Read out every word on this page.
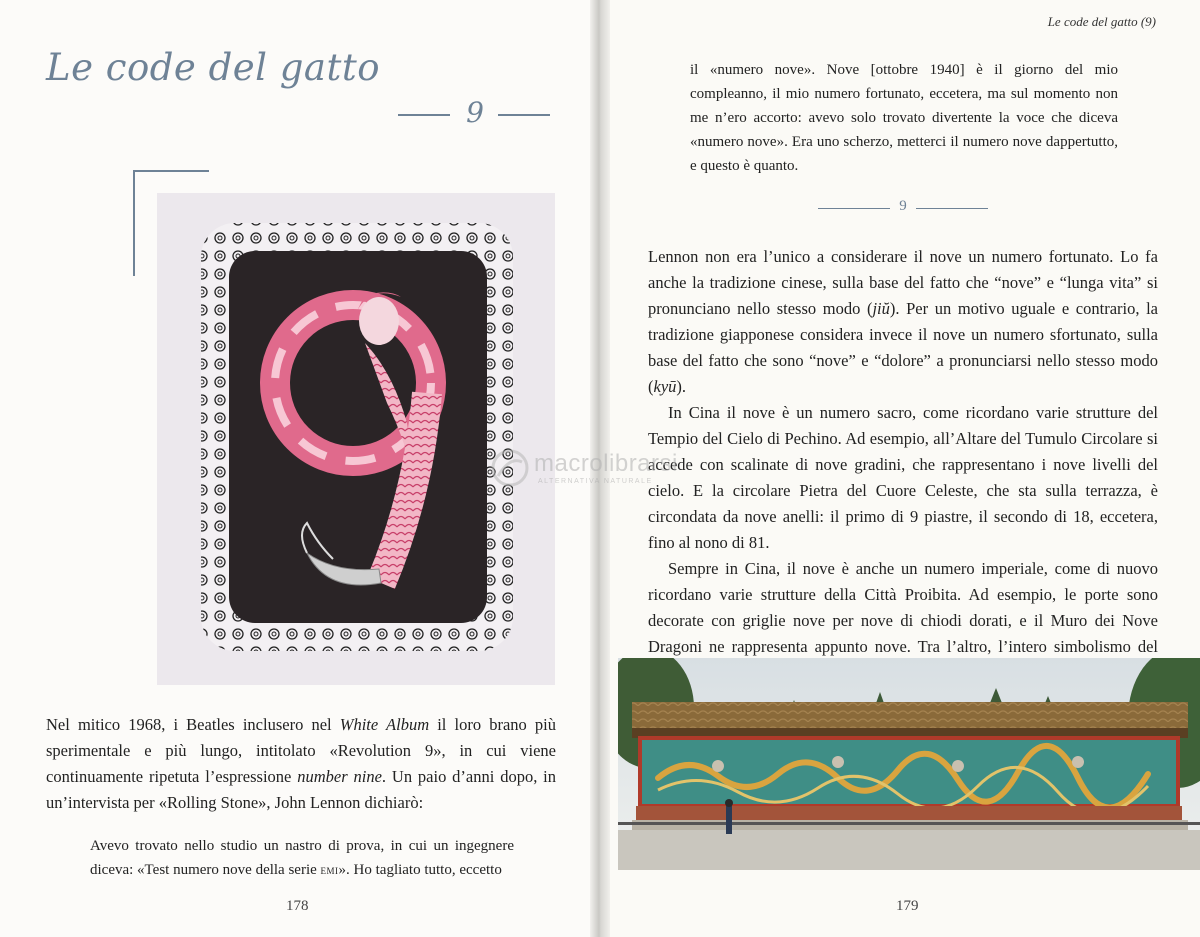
Le code del gatto
9

Nel mitico 1968, i Beatles inclusero nel White Album il loro brano più sperimentale e più lungo, intitolato «Revolution 9», in cui viene continuamente ripetuta l’espressione number nine. Un paio d’anni dopo, in un’intervista per «Rolling Stone», John Lennon dichiarò:

Avevo trovato nello studio un nastro di prova, in cui un ingegnere diceva: «Test numero nove della serie emi». Ho tagliato tutto, eccetto

178
Le code del gatto (9)

il «numero nove». Nove [ottobre 1940] è il giorno del mio compleanno, il mio numero fortunato, eccetera, ma sul momento non me n’ero accorto: avevo solo trovato divertente la voce che diceva «numero nove». Era uno scherzo, metterci il numero nove dappertutto, e questo è quanto.

9

Lennon non era l’unico a considerare il nove un numero fortunato. Lo fa anche la tradizione cinese, sulla base del fatto che “nove” e “lunga vita” si pronunciano nello stesso modo (jiŭ). Per un motivo uguale e contrario, la tradizione giapponese considera invece il nove un numero sfortunato, sulla base del fatto che sono “nove” e “dolore” a pronunciarsi nello stesso modo (kyū).

In Cina il nove è un numero sacro, come ricordano varie strutture del Tempio del Cielo di Pechino. Ad esempio, all’Altare del Tumulo Circolare si accede con scalinate di nove gradini, che rappresentano i nove livelli del cielo. E la circolare Pietra del Cuore Celeste, che sta sulla terrazza, è circondata da nove anelli: il primo di 9 piastre, il secondo di 18, eccetera, fino al nono di 81.

Sempre in Cina, il nove è anche un numero imperiale, come di nuovo ricordano varie strutture della Città Proibita. Ad esempio, le porte sono decorate con griglie nove per nove di chiodi dorati, e il Muro dei Nove Dragoni ne rappresenta appunto nove. Tra l’altro, l’intero simbolismo del

179
macrolibrarsi
ALTERNATIVA NATURALE
